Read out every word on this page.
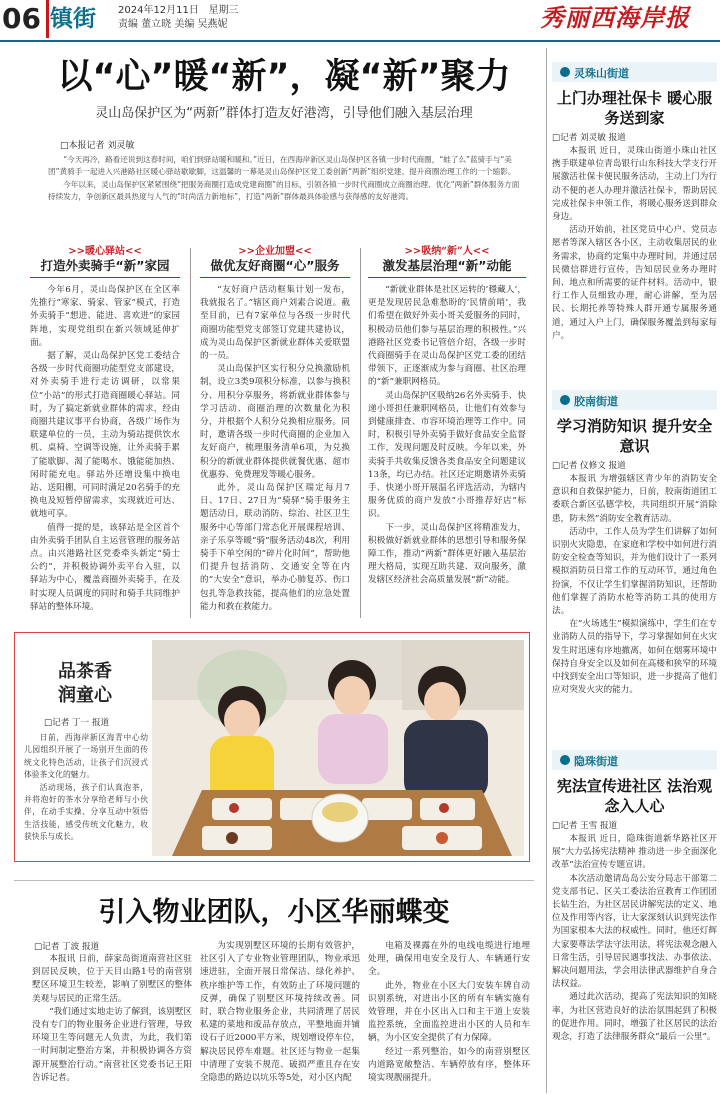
06 镇街 2024年12月11日 星期三
责编 董立晓 美编 吴燕妮	秀丽西海岸报
以“心”暖“新”，凝“新”聚力
灵山岛保护区为“两新”群体打造友好港湾，引导他们融入基层治理
□本报记者 刘灵敏
“今天再冷，路看还说到这春时间，咱们到驿站暖和暖和。”近日，在西海岸新区灵山岛保护区各镇一步时代商圈，“蛙了么”蓝骑手与“美团”黄骑手一起进入兴港路社区暖心驿站歇歇脚，这温馨的一幕是灵山岛保护区党工委创新“两新”组织党建、提升商圈治理工作的一个缩影。
今年以来，灵山岛保护区紧紧围绕“把服务商圈打造成党建商圈”的目标，引领各镇一步时代商圈成立商圈治理、优化“两新”群体服务方面持续发力，争创新区最具热度与人气的“时尚活力新地标”，打造“两新”群体最具体验感与获得感的友好港湾。
>>暖心驿站<<
打造外卖骑手“新”家园

今年6月，灵山岛保护区在全区率先推行“寒家、骑家、管家”模式，打造外卖骑手“想进、能进、喜欢进”的家园阵地，实现党组织在新兴领域延伸扩面。

据了解，灵山岛保护区党工委结合各级一步时代商圈功能型党支部建设，对外卖骑手进行走访调研，以常果位“小站”的形式打造商圈暖心驿站。同时，为了搞定新就业群体的需求，经由商圈共建议事平台协商，各级广场作为联建单位的一员，主动为骑站提供饮水机、桌椅、空调等设施，让外卖骑手累了能歇脚、渴了能喝水、饿能能加热、闲时能充电。驿站外还增设集中换电站、送阳棚，可同时满足20名骑手的充换电及短暂停留需求，实现就近可达、就地可享。

值得一提的是，该驿站是全区首个由外卖骑手团队自主运营管理的服务站点。由兴港路社区党委牵头新定“骑士公约”，并积极协调外卖平台入驻，以驿站为中心，覆盖商圈外卖骑手，在及时实现人员调度的同时和骑手共同维护驿站的整体环境。

>>企业加盟<<
做优友好商圈“心”服务

“友好商户活动框集计划一发布，我就报名了。”辖区商户刘素合说道。截至目前，已有7家单位与各级一步时代商圈功能型党支部签订党建共建协议，成为灵山岛保护区新就业群体关爱联盟的一员。

灵山岛保护区实行积分兑换激励机制，设立3类9项积分标准，以参与换积分、用积分享服务，将新就业群体参与学习活动、商圈治理的次数量化为积分，并根据个人积分兑换相应服务。同时，邀请各级一步时代商圈的企业加入友好商户，梳理服务清单6项，为兑换积分的新就业群体提供就餐优惠、超市优惠券、免费理发等暖心服务。

此外，灵山岛保护区瑞定每月7日、17日、27日为“骑驿”骑手服务主题活动日，联动消防、综治、社区卫生服务中心等部门常态化开展课程培训、亲子乐享等暖“骑”服务活动48次，利用骑手下单空闲的“碎片化时间”，帮助他们提升包括消防、交通安全等在内的“大安全”意识，举办心肺复苏、伤口包扎等急救技能，提高他们的应急处置能力和救在救能力。

>>吸纳“新”人<<
激发基层治理“新”动能

“新就业群体是社区运转的‘穩藏人’，更是发现居民急难愁盼的‘民情前哨’，我们希望在做好外卖小哥关爱服务的同时，积极动员他们参与基层治理的积极性。”兴港路社区党委书记管倍介绍，各级一步时代商圈骑手在灵山岛保护区党工委的团结带领下，正逐渐成为参与商圈、社区治理的“新”兼职网格员。

灵山岛保护区吸纳26名外卖骑手、快递小哥担任兼职网格员，让他们有效参与到健康排查、市容环境治理等工作中。同时，积极引导外卖骑手做好食品安全监督工作，发现问题及时反映。今年以来，外卖骑手共收集反馈各类食品安全问题建议13条，均已办结。社区还定期邀请外卖骑手、快递小哥开展温名评选活动，为辖内服务优质的商户发放“小哥推荐好店”标识。

下一步，灵山岛保护区将精准发力，积极做好新就业群体的思想引导和服务保障工作，推动“两新”群体更好融入基层治理大格局，实现互助共建、双向服务，激发辖区经济社会高质量发展“新”动能。

品茶香润童心
□记者 丁一 报道
日前，西海岸新区海青中心幼儿园组织开展了一场别开生面的传统文化特色活动，让孩子们沉浸式体验茶文化的魅力。
活动现场，孩子们认真泡茶，并将泡好的茶水分享给老师与小伙伴，在动手实操、分享互动中领悟生活技能，感受传统文化魅力，收获快乐与成长。
引入物业团队，小区华丽蝶变
□记者 丁波 报道

本报讯 日前，薛家岛街道南营社区驻到居民反映，位于天目山路1号的南营别墅区环境卫生较差，影响了别墅区的整体美观与居民的正常生活。

“我们通过实地走访了解到，该别墅区没有专门的物业服务企业进行管理，导致环境卫生等问题无人负责，为此，我们第一时间制定整治方案，并积极协调各方资源开展整治行动。”南营社区党委书记王阳告诉记者。

为实现别墅区环境的长期有效管护，社区引入了专业物业管理团队，物业承迅速进驻，全面开展日常保洁、绿化养护、秩序维护等工作，有效防止了环境问题的反弹，确保了别墅区环境持续改善。同时，联合物业服务企业，共同清理了居民私建的菜地和废品存放点，平整地面并铺设石子近2000平方米，规划增设停车位，解决居民停车难题。社区还与物业一起集中清理了安装不规范、破损严重且存在安全隐患的路边以坑乐等5处，对小区内配

电箱及裸露在外的电线电缆进行地埋处理，确保用电安全及行人、车辆通行安全。

此外，物业在小区大门安装车牌自动识别系统，对进出小区的所有车辆实施有效管理，并在小区出入口和主干道上安装监控系统，全面监控进出小区的人员和车辆，为小区安全提供了有力保障。

经过一系列整治，如今的南营别墅区内道路宽敞整洁、车辆停放有序，整体环境实现靓丽提升。

灵珠山街道
上门办理社保卡 暖心服务送到家
□记者 刘灵敏 报道

本报讯 近日，灵珠山街道小珠山社区携手联建单位青岛银行山东科技大学支行开展激活社保卡便民服务活动，主动上门为行动不便的老人办理并激活社保卡，帮助居民完成社保卡申领工作，将暖心服务送到群众身边。

活动开始前，社区党员中心户、党员志愿者等深入辖区各小区，主动收集居民的业务需求，协商约定集中办理时间，并通过居民微信群进行宣传，告知居民业务办理时间、地点和所需要的证件材料。活动中，银行工作人员细致办理，耐心讲解，至为居民、长期托养等特殊人群开通专属服务通道，通过入户上门，确保服务覆盖到每家每户。

胶南街道
学习消防知识 提升安全意识
□记者 仪修文 报道

本报讯 为增强辖区青少年的消防安全意识和自救保护能力，日前，胶南街道团工委联合新区弘德学校，共同组织开展“消除患，防未然”消防安全教育活动。

活动中，工作人员为学生们讲解了如何识别火灾隐患，在家庭和学校中如何进行消防安全检查等知识，并为他们设计了一系列模拟消防员日常工作的互动环节，通过角色扮演，不仅让学生们掌握消防知识，还帮助他们掌握了消防水枪等消防工具的使用方法。

在“火场逃生”模拟演练中，学生们在专业消防人员的指导下，学习掌握如何在火灾发生时迅速有序地撤离，如何在烟雾环境中保持自身安全以及如何在高楼和狭窄的环境中找到安全出口等知识，进一步提高了他们应对突发火灾的能力。

隐珠街道
宪法宣传进社区 法治观念入人心
□记者 王雪 报道

本报讯 近日，隐珠街道新华路社区开展“大力弘扬宪法精神 推动进一步全面深化改革”法治宣传专题宣讲。

本次活动邀请岛岛公安分局志干部第二党支部书记、区关工委法治宣教育工作团团长钻生治，为社区居民讲解宪法的定义、地位及作用等内容，让大家深刻认识到宪法作为国家根本大法的权威性。同时，他还灯辉大家要尊法学法守法用法，将宪法观念融入日常生活，引导居民遇事找法、办事依法、解决问题用法，学会用法律武器维护自身合法权益。

通过此次活动，提高了宪法知识的知晓率，为社区营造良好的法治氛围起到了积极的促进作用。同时，增强了社区居民的法治观念，打造了法律服务群众“最后一公里”。
